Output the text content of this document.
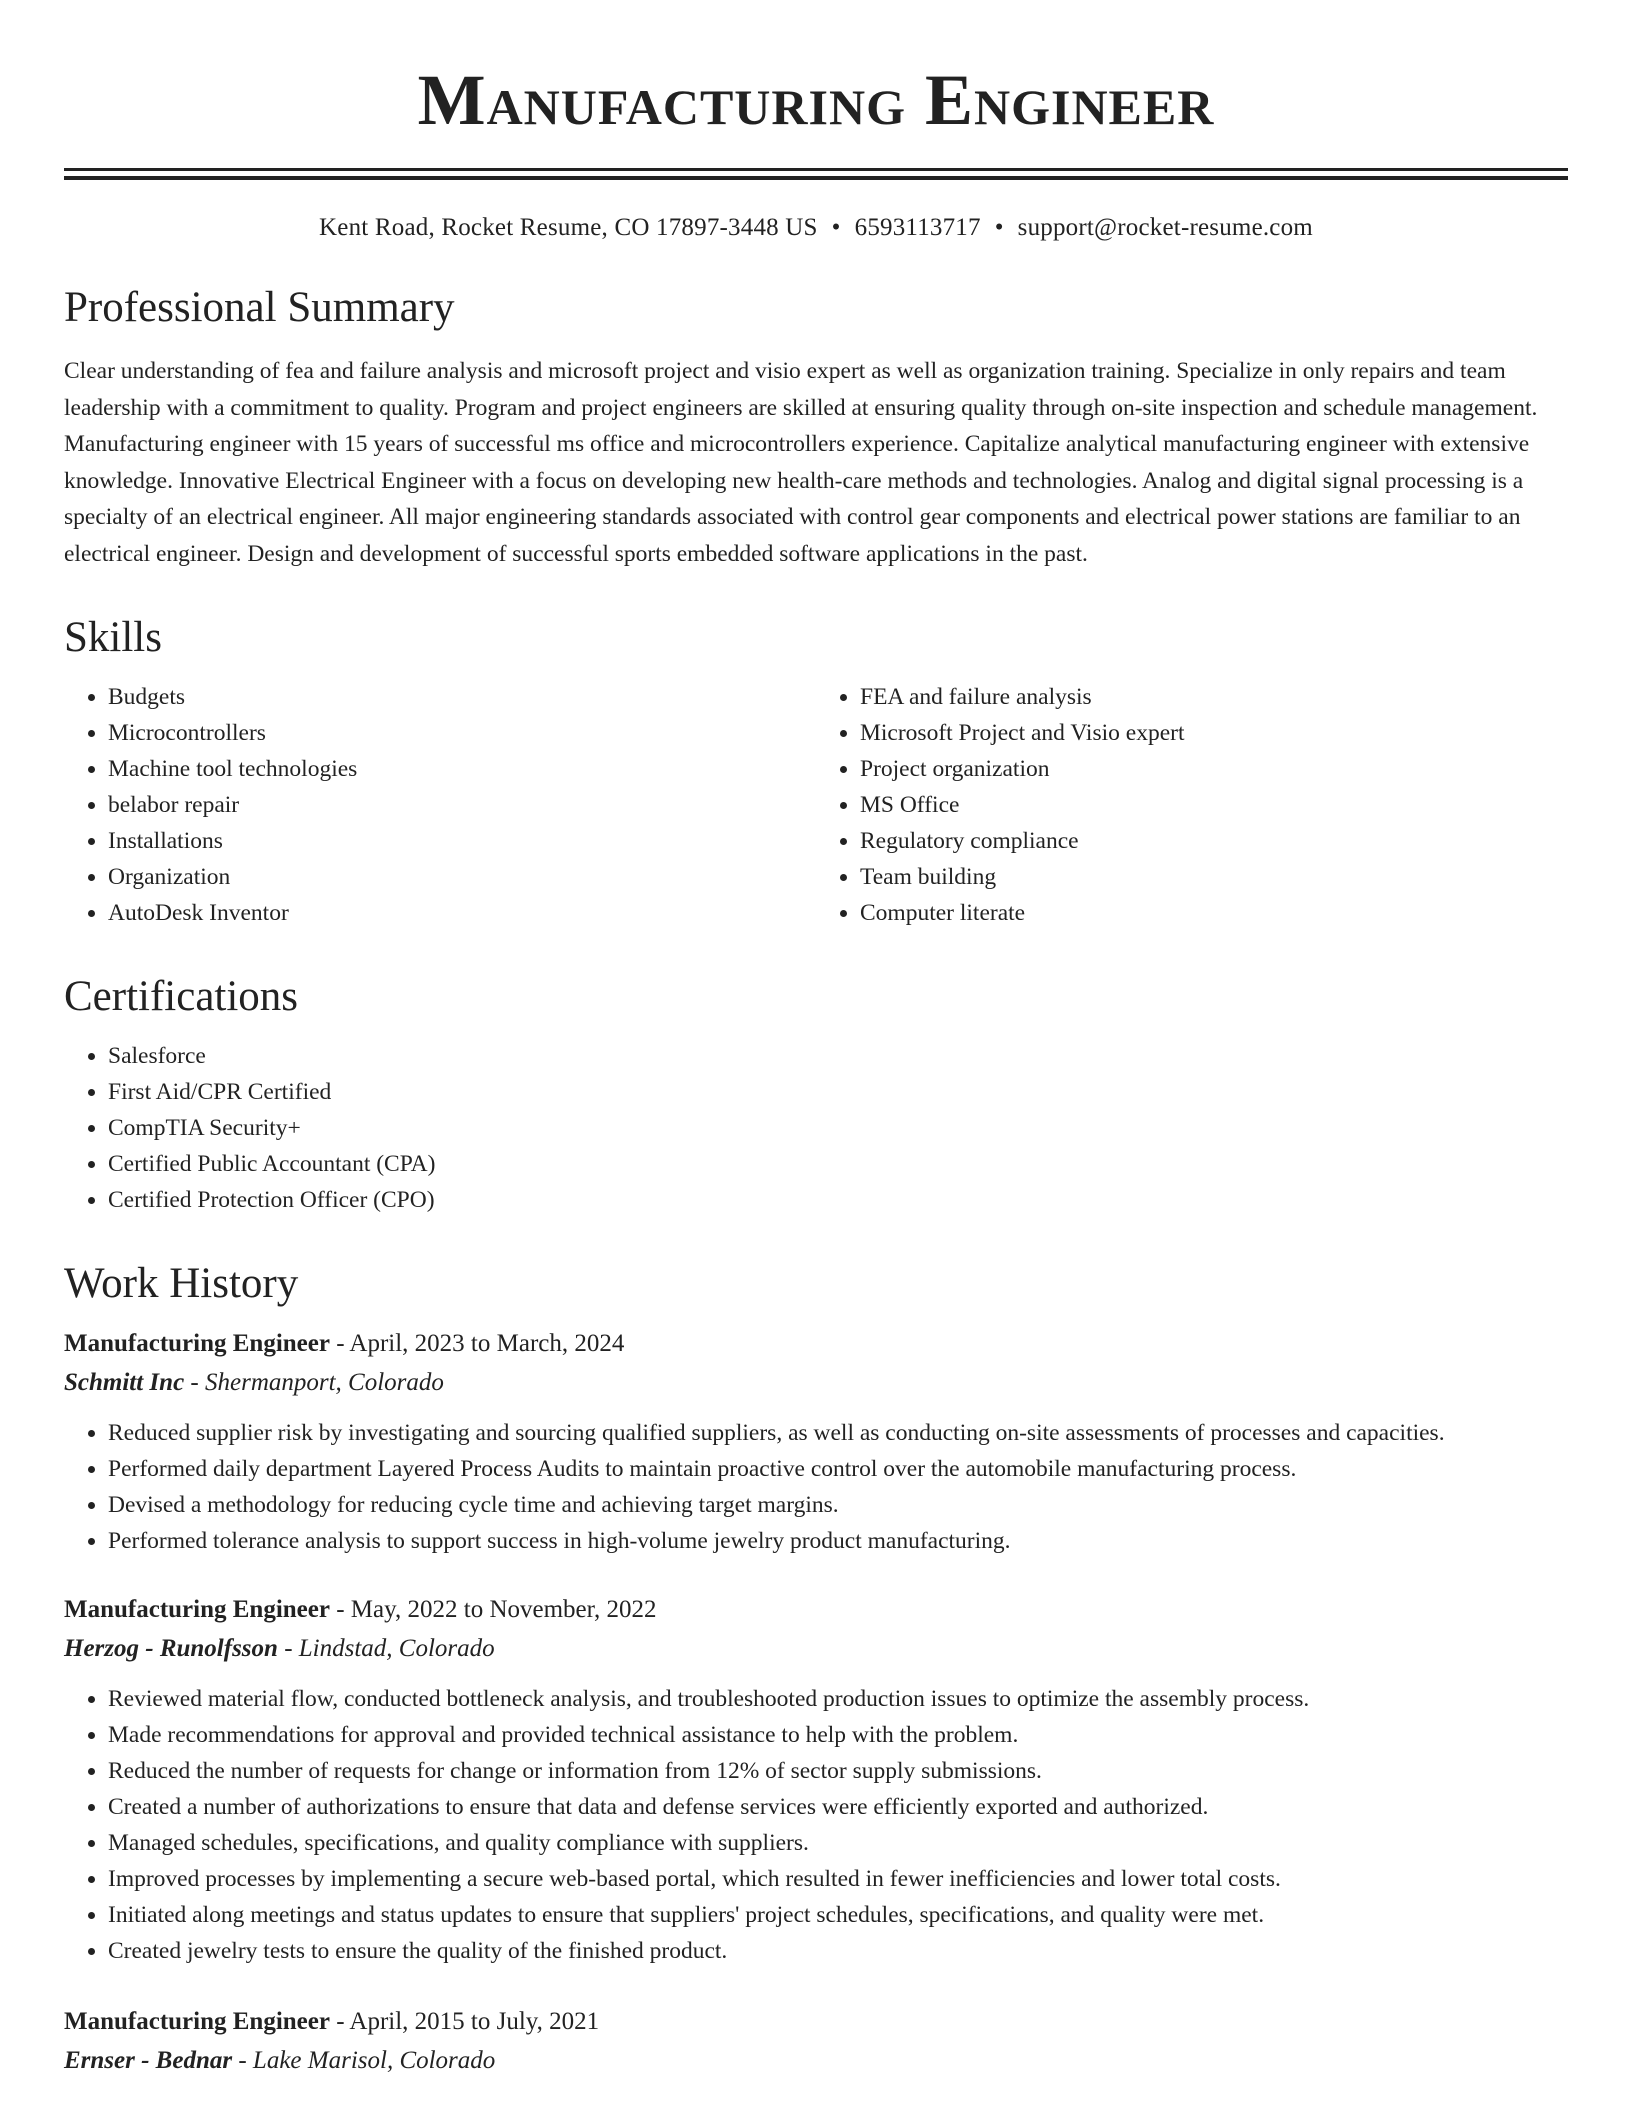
Manufacturing Engineer
Kent Road, Rocket Resume, CO 17897-3448 US • 6593113717 • support@rocket-resume.com
Professional Summary
Clear understanding of fea and failure analysis and microsoft project and visio expert as well as organization training. Specialize in only repairs and team leadership with a commitment to quality. Program and project engineers are skilled at ensuring quality through on-site inspection and schedule management. Manufacturing engineer with 15 years of successful ms office and microcontrollers experience. Capitalize analytical manufacturing engineer with extensive knowledge. Innovative Electrical Engineer with a focus on developing new health-care methods and technologies. Analog and digital signal processing is a specialty of an electrical engineer. All major engineering standards associated with control gear components and electrical power stations are familiar to an electrical engineer. Design and development of successful sports embedded software applications in the past.
Skills
• Budgets
• Microcontrollers
• Machine tool technologies
• belabor repair
• Installations
• Organization
• AutoDesk Inventor
• FEA and failure analysis
• Microsoft Project and Visio expert
• Project organization
• MS Office
• Regulatory compliance
• Team building
• Computer literate
Certifications
• Salesforce
• First Aid/CPR Certified
• CompTIA Security+
• Certified Public Accountant (CPA)
• Certified Protection Officer (CPO)
Work History
Manufacturing Engineer - April, 2023 to March, 2024
Schmitt Inc - Shermanport, Colorado
• Reduced supplier risk by investigating and sourcing qualified suppliers, as well as conducting on-site assessments of processes and capacities.
• Performed daily department Layered Process Audits to maintain proactive control over the automobile manufacturing process.
• Devised a methodology for reducing cycle time and achieving target margins.
• Performed tolerance analysis to support success in high-volume jewelry product manufacturing.
Manufacturing Engineer - May, 2022 to November, 2022
Herzog - Runolfsson - Lindstad, Colorado
• Reviewed material flow, conducted bottleneck analysis, and troubleshooted production issues to optimize the assembly process.
• Made recommendations for approval and provided technical assistance to help with the problem.
• Reduced the number of requests for change or information from 12% of sector supply submissions.
• Created a number of authorizations to ensure that data and defense services were efficiently exported and authorized.
• Managed schedules, specifications, and quality compliance with suppliers.
• Improved processes by implementing a secure web-based portal, which resulted in fewer inefficiencies and lower total costs.
• Initiated along meetings and status updates to ensure that suppliers' project schedules, specifications, and quality were met.
• Created jewelry tests to ensure the quality of the finished product.
Manufacturing Engineer - April, 2015 to July, 2021
Ernser - Bednar - Lake Marisol, Colorado
